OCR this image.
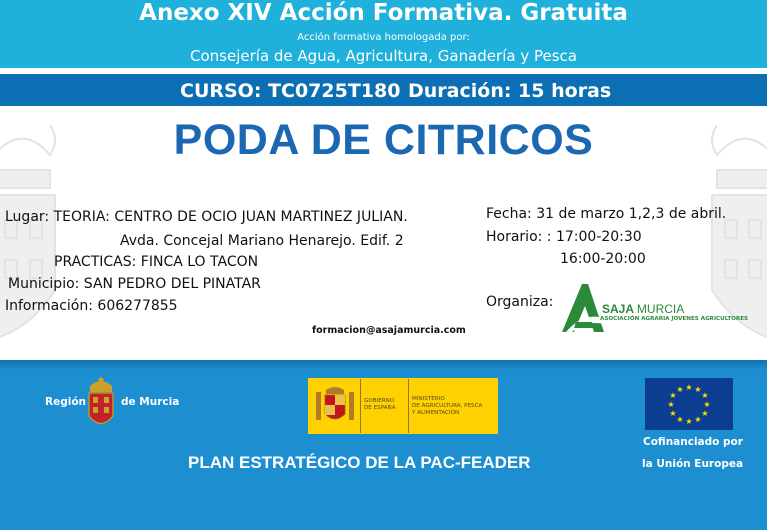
Anexo XIV Acción Formativa. Gratuita
Acción formativa homologada por:
Consejería de Agua, Agricultura, Ganadería y Pesca
CURSO: TC0725T180 Duración: 15 horas
PODA DE CITRICOS
Lugar: TEORIA: CENTRO DE OCIO JUAN MARTINEZ JULIAN.
Avda. Concejal Mariano Henarejo. Edif. 2
PRACTICAS: FINCA LO TACON
Municipio: SAN PEDRO DEL PINATAR
Información: 606277855
formacion@asajamurcia.com
Fecha: 31 de marzo 1,2,3 de abril.
Horario: : 17:00-20:30
16:00-20:00
Organiza:	SAJA MURCIA
ASOCIACIÓN AGRARIA JOVENES AGRICULTORES
Región	de Murcia	GOBIERNO
DE ESPAÑA
MINISTERIO
DE AGRICULTURA, PESCA
Y ALIMENTACIÓN
★ ★
★
★
★
★
★
★
★
★
★
★
Cofinanciado por
la Unión Europea
PLAN ESTRATÉGICO DE LA PAC-FEADER
